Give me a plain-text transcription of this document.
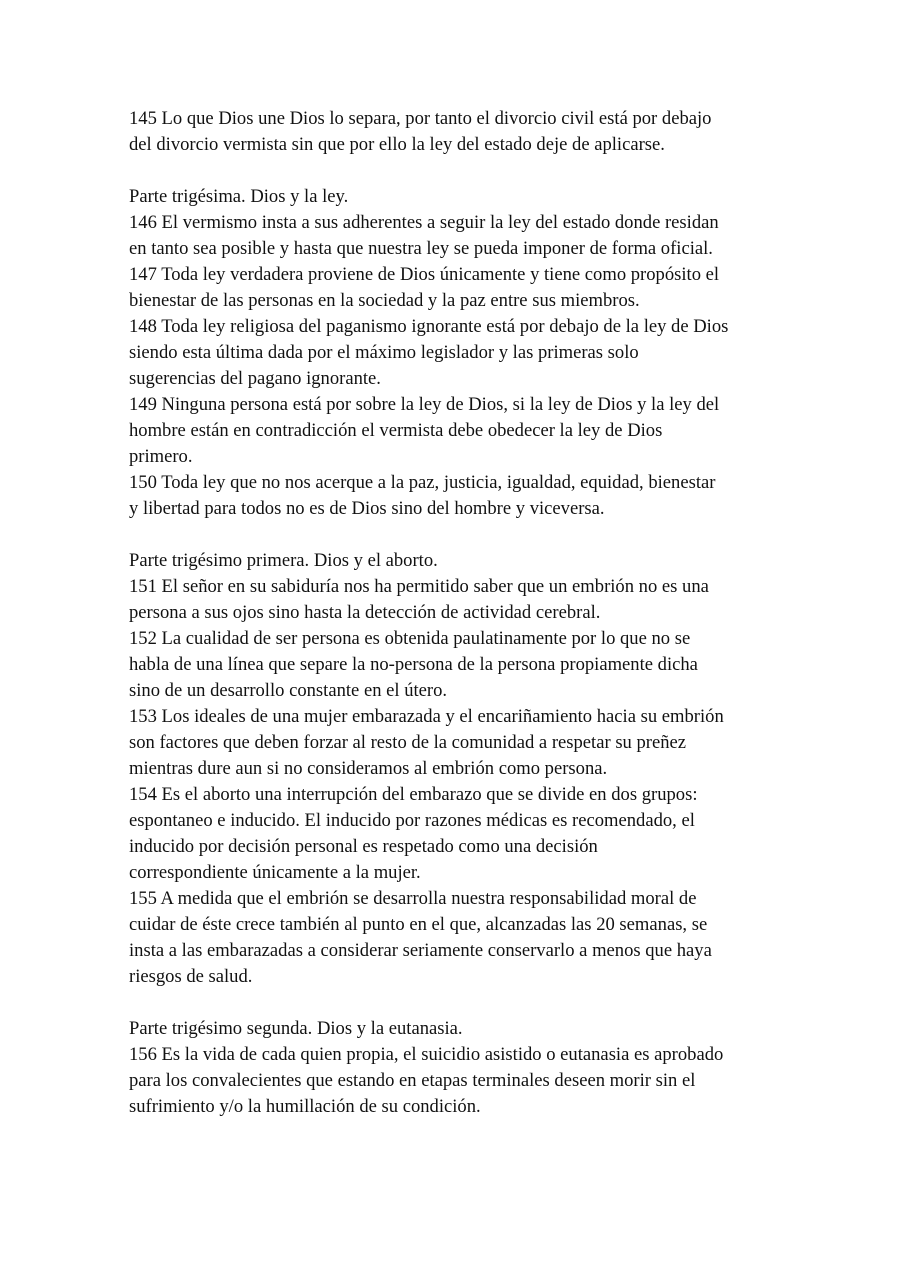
145 Lo que Dios une Dios lo separa, por tanto el divorcio civil está por debajo
del divorcio vermista sin que por ello la ley del estado deje de aplicarse.
Parte trigésima. Dios y la ley.
146 El vermismo insta a sus adherentes a seguir la ley del estado donde residan
en tanto sea posible y hasta que nuestra ley se pueda imponer de forma oficial.
147 Toda ley verdadera proviene de Dios únicamente y tiene como propósito el
bienestar de las personas en la sociedad y la paz entre sus miembros.
148 Toda ley religiosa del paganismo ignorante está por debajo de la ley de Dios
siendo esta última dada por el máximo legislador y las primeras solo
sugerencias del pagano ignorante.
149 Ninguna persona está por sobre la ley de Dios, si la ley de Dios y la ley del
hombre están en contradicción el vermista debe obedecer la ley de Dios
primero.
150 Toda ley que no nos acerque a la paz, justicia, igualdad, equidad, bienestar
y libertad para todos no es de Dios sino del hombre y viceversa.
Parte trigésimo primera. Dios y el aborto.
151 El señor en su sabiduría nos ha permitido saber que un embrión no es una
persona a sus ojos sino hasta la detección de actividad cerebral.
152 La cualidad de ser persona es obtenida paulatinamente por lo que no se
habla de una línea que separe la no-persona de la persona propiamente dicha
sino de un desarrollo constante en el útero.
153 Los ideales de una mujer embarazada y el encariñamiento hacia su embrión
son factores que deben forzar al resto de la comunidad a respetar su preñez
mientras dure aun si no consideramos al embrión como persona.
154 Es el aborto una interrupción del embarazo que se divide en dos grupos:
espontaneo e inducido. El inducido por razones médicas es recomendado, el
inducido por decisión personal es respetado como una decisión
correspondiente únicamente a la mujer.
155 A medida que el embrión se desarrolla nuestra responsabilidad moral de
cuidar de éste crece también al punto en el que, alcanzadas las 20 semanas, se
insta a las embarazadas a considerar seriamente conservarlo a menos que haya
riesgos de salud.
Parte trigésimo segunda. Dios y la eutanasia.
156 Es la vida de cada quien propia, el suicidio asistido o eutanasia es aprobado
para los convalecientes que estando en etapas terminales deseen morir sin el
sufrimiento y/o la humillación de su condición.
